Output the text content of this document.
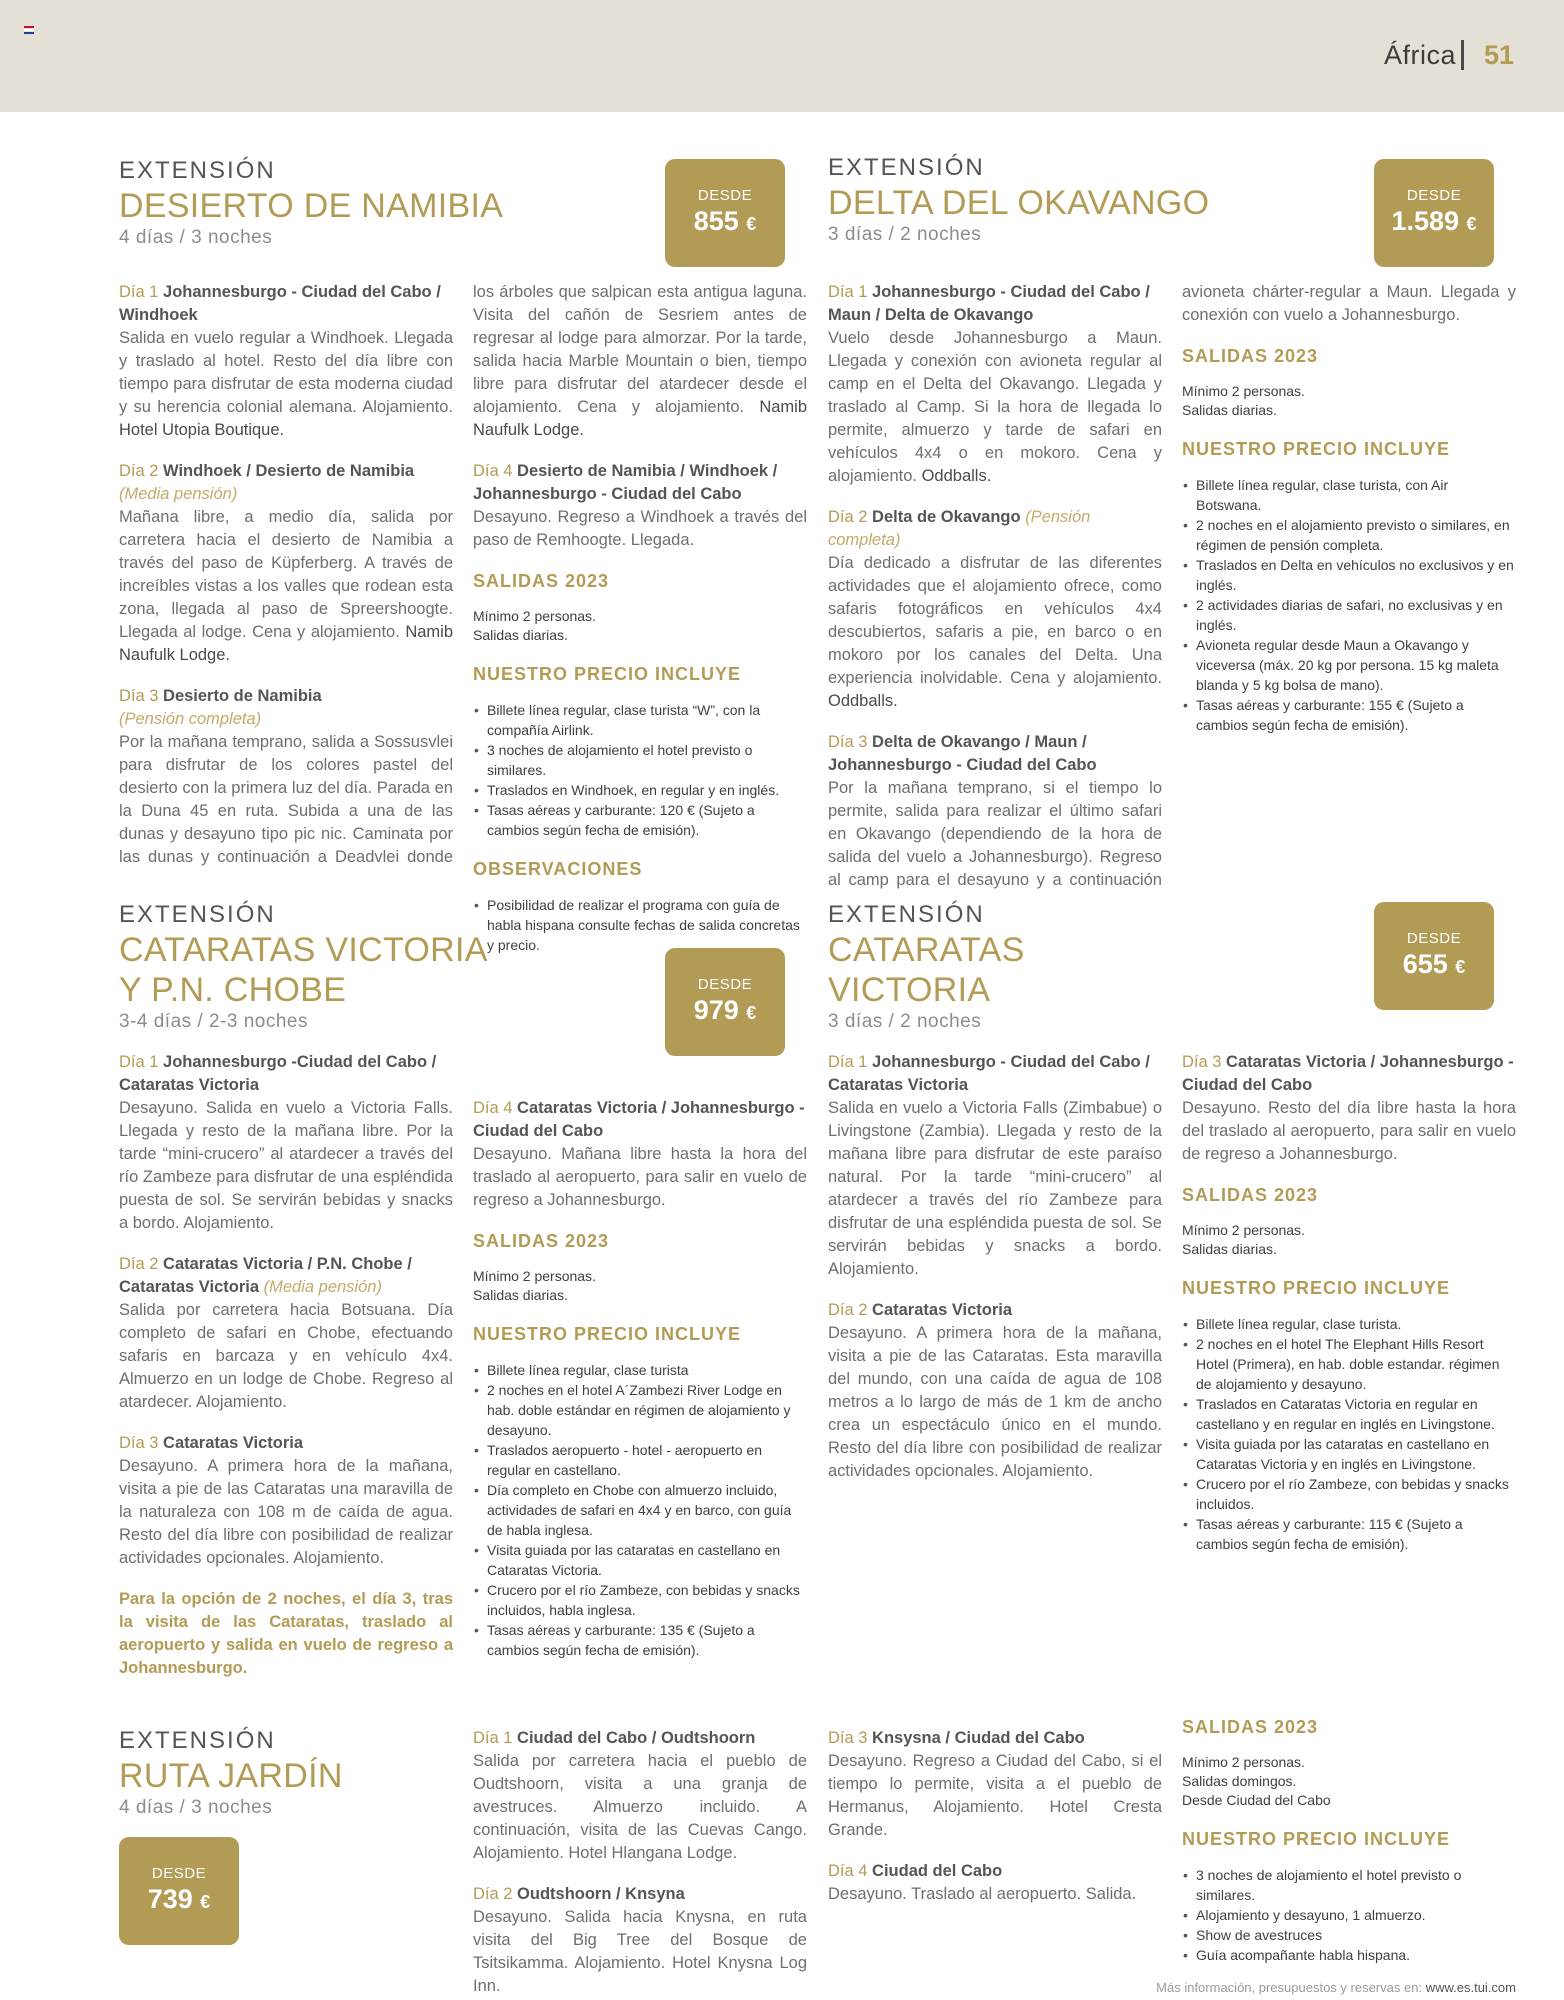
África 51
EXTENSIÓN
DESIERTO DE NAMIBIA
4 días / 3 noches
DESDE
855 €
Día 1 Johannesburgo - Ciudad del Cabo / Windhoek
Salida en vuelo regular a Windhoek. Llegada y traslado al hotel. Resto del día libre con tiempo para disfrutar de esta moderna ciudad y su herencia colonial alemana. Alojamiento. Hotel Utopia Boutique.
Día 2 Windhoek / Desierto de Namibia
(Media pensión)
Mañana libre, a medio día, salida por carretera hacia el desierto de Namibia a través del paso de Küpferberg. A través de increíbles vistas a los valles que rodean esta zona, llegada al paso de Spreershoogte. Llegada al lodge. Cena y alojamiento. Namib Naufulk Lodge.
Día 3 Desierto de Namibia
(Pensión completa)
Por la mañana temprano, salida a Sossusvlei para disfrutar de los colores pastel del desierto con la primera luz del día. Parada en la Duna 45 en ruta. Subida a una de las dunas y desayuno tipo pic nic. Caminata por las dunas y continuación a Deadvlei donde
los árboles que salpican esta antigua laguna. Visita del cañón de Sesriem antes de regresar al lodge para almorzar. Por la tarde, salida hacia Marble Mountain o bien, tiempo libre para disfrutar del atardecer desde el alojamiento. Cena y alojamiento. Namib Naufulk Lodge.
Día 4 Desierto de Namibia / Windhoek / Johannesburgo - Ciudad del Cabo
Desayuno. Regreso a Windhoek a través del paso de Remhoogte. Llegada.
SALIDAS 2023
Mínimo 2 personas.
Salidas diarias.
NUESTRO PRECIO INCLUYE
• Billete línea regular, clase turista “W”, con la compañía Airlink.
• 3 noches de alojamiento el hotel previsto o similares.
• Traslados en Windhoek, en regular y en inglés.
• Tasas aéreas y carburante: 120 € (Sujeto a cambios según fecha de emisión).
OBSERVACIONES
• Posibilidad de realizar el programa con guía de habla hispana consulte fechas de salida concretas y precio.
EXTENSIÓN
DELTA DEL OKAVANGO
3 días / 2 noches
DESDE
1.589 €
Día 1 Johannesburgo - Ciudad del Cabo / Maun / Delta de Okavango
Vuelo desde Johannesburgo a Maun. Llegada y conexión con avioneta regular al camp en el Delta del Okavango. Llegada y traslado al Camp. Si la hora de llegada lo permite, almuerzo y tarde de safari en vehículos 4x4 o en mokoro. Cena y alojamiento. Oddballs.
Día 2 Delta de Okavango (Pensión completa)
Día dedicado a disfrutar de las diferentes actividades que el alojamiento ofrece, como safaris fotográficos en vehículos 4x4 descubiertos, safaris a pie, en barco o en mokoro por los canales del Delta. Una experiencia inolvidable. Cena y alojamiento. Oddballs.
Día 3 Delta de Okavango / Maun / Johannesburgo - Ciudad del Cabo
Por la mañana temprano, si el tiempo lo permite, salida para realizar el último safari en Okavango (dependiendo de la hora de salida del vuelo a Johannesburgo). Regreso al camp para el desayuno y a continuación
avioneta chárter-regular a Maun. Llegada y conexión con vuelo a Johannesburgo.
SALIDAS 2023
Mínimo 2 personas.
Salidas diarias.
NUESTRO PRECIO INCLUYE
• Billete línea regular, clase turista, con Air Botswana.
• 2 noches en el alojamiento previsto o similares, en régimen de pensión completa.
• Traslados en Delta en vehículos no exclusivos y en inglés.
• 2 actividades diarias de safari, no exclusivas y en inglés.
• Avioneta regular desde Maun a Okavango y viceversa (máx. 20 kg por persona. 15 kg maleta blanda y 5 kg bolsa de mano).
• Tasas aéreas y carburante: 155 € (Sujeto a cambios según fecha de emisión).
EXTENSIÓN
CATARATAS VICTORIA
Y P.N. CHOBE
3-4 días / 2-3 noches
DESDE
979 €
Día 1 Johannesburgo -Ciudad del Cabo / Cataratas Victoria
Desayuno. Salida en vuelo a Victoria Falls. Llegada y resto de la mañana libre. Por la tarde “mini-crucero” al atardecer a través del río Zambeze para disfrutar de una espléndida puesta de sol. Se servirán bebidas y snacks a bordo. Alojamiento.
Día 2 Cataratas Victoria / P.N. Chobe / Cataratas Victoria (Media pensión)
Salida por carretera hacia Botsuana. Día completo de safari en Chobe, efectuando safaris en barcaza y en vehículo 4x4. Almuerzo en un lodge de Chobe. Regreso al atardecer. Alojamiento.
Día 3 Cataratas Victoria
Desayuno. A primera hora de la mañana, visita a pie de las Cataratas una maravilla de la naturaleza con 108 m de caída de agua. Resto del día libre con posibilidad de realizar actividades opcionales. Alojamiento.
Para la opción de 2 noches, el día 3, tras la visita de las Cataratas, traslado al aeropuerto y salida en vuelo de regreso a Johannesburgo.
Día 4 Cataratas Victoria / Johannesburgo - Ciudad del Cabo
Desayuno. Mañana libre hasta la hora del traslado al aeropuerto, para salir en vuelo de regreso a Johannesburgo.
SALIDAS 2023
Mínimo 2 personas.
Salidas diarias.
NUESTRO PRECIO INCLUYE
• Billete línea regular, clase turista
• 2 noches en el hotel A´Zambezi River Lodge en hab. doble estándar en régimen de alojamiento y desayuno.
• Traslados aeropuerto - hotel - aeropuerto en regular en castellano.
• Día completo en Chobe con almuerzo incluido, actividades de safari en 4x4 y en barco, con guía de habla inglesa.
• Visita guiada por las cataratas en castellano en Cataratas Victoria.
• Crucero por el río Zambeze, con bebidas y snacks incluidos, habla inglesa.
• Tasas aéreas y carburante: 135 € (Sujeto a cambios según fecha de emisión).
EXTENSIÓN
CATARATAS
VICTORIA
3 días / 2 noches
DESDE
655 €
Día 1 Johannesburgo - Ciudad del Cabo / Cataratas Victoria
Salida en vuelo a Victoria Falls (Zimbabue) o Livingstone (Zambia). Llegada y resto de la mañana libre para disfrutar de este paraíso natural. Por la tarde “mini-crucero” al atardecer a través del río Zambeze para disfrutar de una espléndida puesta de sol. Se servirán bebidas y snacks a bordo. Alojamiento.
Día 2 Cataratas Victoria
Desayuno. A primera hora de la mañana, visita a pie de las Cataratas. Esta maravilla del mundo, con una caída de agua de 108 metros a lo largo de más de 1 km de ancho crea un espectáculo único en el mundo. Resto del día libre con posibilidad de realizar actividades opcionales. Alojamiento.
Día 3 Cataratas Victoria / Johannesburgo - Ciudad del Cabo
Desayuno. Resto del día libre hasta la hora del traslado al aeropuerto, para salir en vuelo de regreso a Johannesburgo.
SALIDAS 2023
Mínimo 2 personas.
Salidas diarias.
NUESTRO PRECIO INCLUYE
• Billete línea regular, clase turista.
• 2 noches en el hotel The Elephant Hills Resort Hotel (Primera), en hab. doble estandar. régimen de alojamiento y desayuno.
• Traslados en Cataratas Victoria en regular en castellano y en regular en inglés en Livingstone.
• Visita guiada por las cataratas en castellano en Cataratas Victoria y en inglés en Livingstone.
• Crucero por el río Zambeze, con bebidas y snacks incluidos.
• Tasas aéreas y carburante: 115 € (Sujeto a cambios según fecha de emisión).
EXTENSIÓN
RUTA JARDÍN
4 días / 3 noches
DESDE
739 €
Día 1 Ciudad del Cabo / Oudtshoorn
Salida por carretera hacia el pueblo de Oudtshoorn, visita a una granja de avestruces. Almuerzo incluido. A continuación, visita de las Cuevas Cango. Alojamiento. Hotel Hlangana Lodge.
Día 2 Oudtshoorn / Knsyna
Desayuno. Salida hacia Knysna, en ruta visita del Big Tree del Bosque de Tsitsikamma. Alojamiento. Hotel Knysna Log Inn.
Día 3 Knsysna / Ciudad del Cabo
Desayuno. Regreso a Ciudad del Cabo, si el tiempo lo permite, visita a el pueblo de Hermanus, Alojamiento. Hotel Cresta Grande.
Día 4 Ciudad del Cabo
Desayuno. Traslado al aeropuerto. Salida.
SALIDAS 2023
Mínimo 2 personas.
Salidas domingos.
Desde Ciudad del Cabo
NUESTRO PRECIO INCLUYE
• 3 noches de alojamiento el hotel previsto o similares.
• Alojamiento y desayuno, 1 almuerzo.
• Show de avestruces
• Guía acompañante habla hispana.
Más información, presupuestos y reservas en: www.es.tui.com
